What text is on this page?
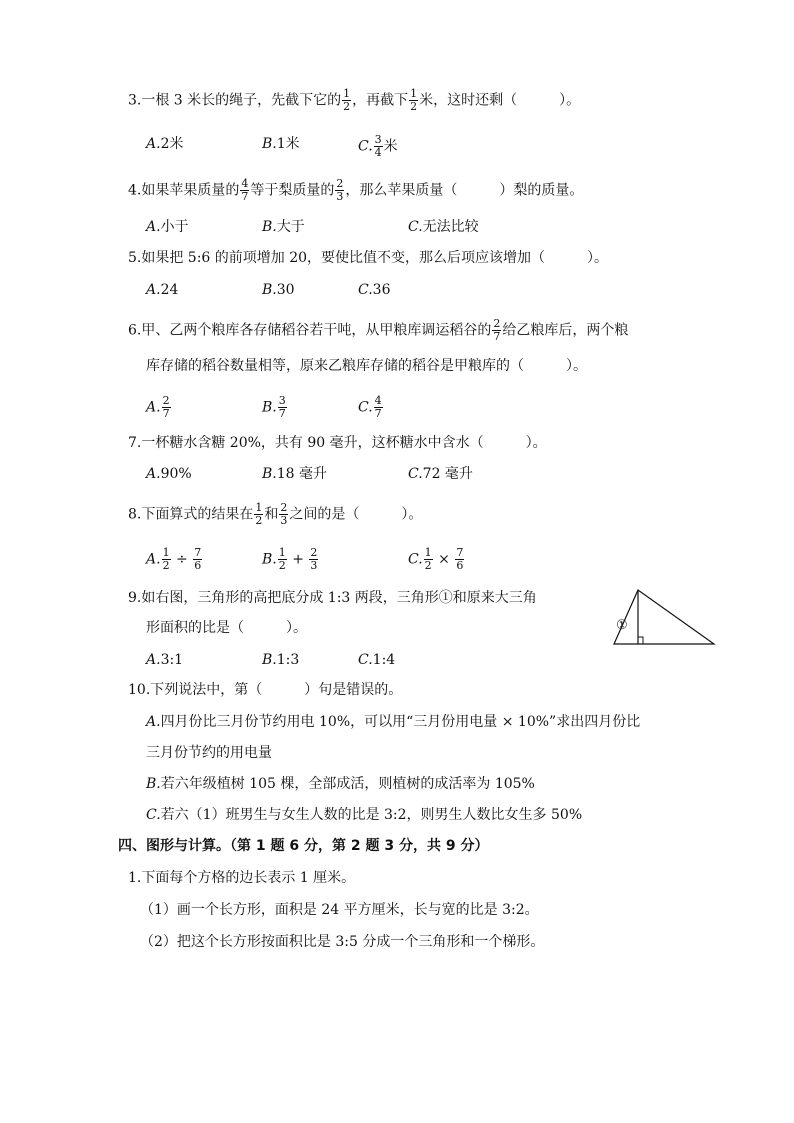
3.一根 3 米长的绳子，先截下它的 $\frac{1}{2}$ ，再截下 $\frac{1}{2}$ 米，这时还剩（　　　）。
A.2米	B.1米	C. $\frac{3}{4}$ 米
4.如果苹果质量的 $\frac{4}{7}$ 等于梨质量的 $\frac{2}{3}$ ，那么苹果质量（　　　）梨的质量。
A.小于	B.大于	C.无法比较
5.如果把 5:6 的前项增加 20，要使比值不变，那么后项应该增加（　　　）。
A.24	B.30	C.36
6.甲、乙两个粮库各存储稻谷若干吨，从甲粮库调运稻谷的 $\frac{2}{7}$ 给乙粮库后，两个粮
库存储的稻谷数量相等，原来乙粮库存储的稻谷是甲粮库的（　　　）。
A. $\frac{2}{7}$	B. $\frac{3}{7}$	C. $\frac{4}{7}$
7.一杯糖水含糖 20%，共有 90 毫升，这杯糖水中含水（　　　）。
A.90%	B.18 毫升	C.72 毫升
8.下面算式的结果在 $\frac{1}{2}$ 和 $\frac{2}{3}$ 之间的是（　　　）。
A. $\frac{1}{2} \div \frac{7}{6}$	B. $\frac{1}{2} + \frac{2}{3}$	C. $\frac{1}{2} \times \frac{7}{6}$
9.如右图，三角形的高把底分成 1:3 两段，三角形①和原来大三角
形面积的比是（　　　）。
A.3:1	B.1:3	C.1:4
①
10.下列说法中，第（　　　）句是错误的。
A.四月份比三月份节约用电 10%，可以用“三月份用电量 × 10%”求出四月份比
三月份节约的用电量
B.若六年级植树 105 棵，全部成活，则植树的成活率为 105%
C.若六（1）班男生与女生人数的比是 3:2，则男生人数比女生多 50%
四、图形与计算。（第 1 题 6 分，第 2 题 3 分，共 9 分）
1.下面每个方格的边长表示 1 厘米。
（1）画一个长方形，面积是 24 平方厘米，长与宽的比是 3:2。
（2）把这个长方形按面积比是 3:5 分成一个三角形和一个梯形。
